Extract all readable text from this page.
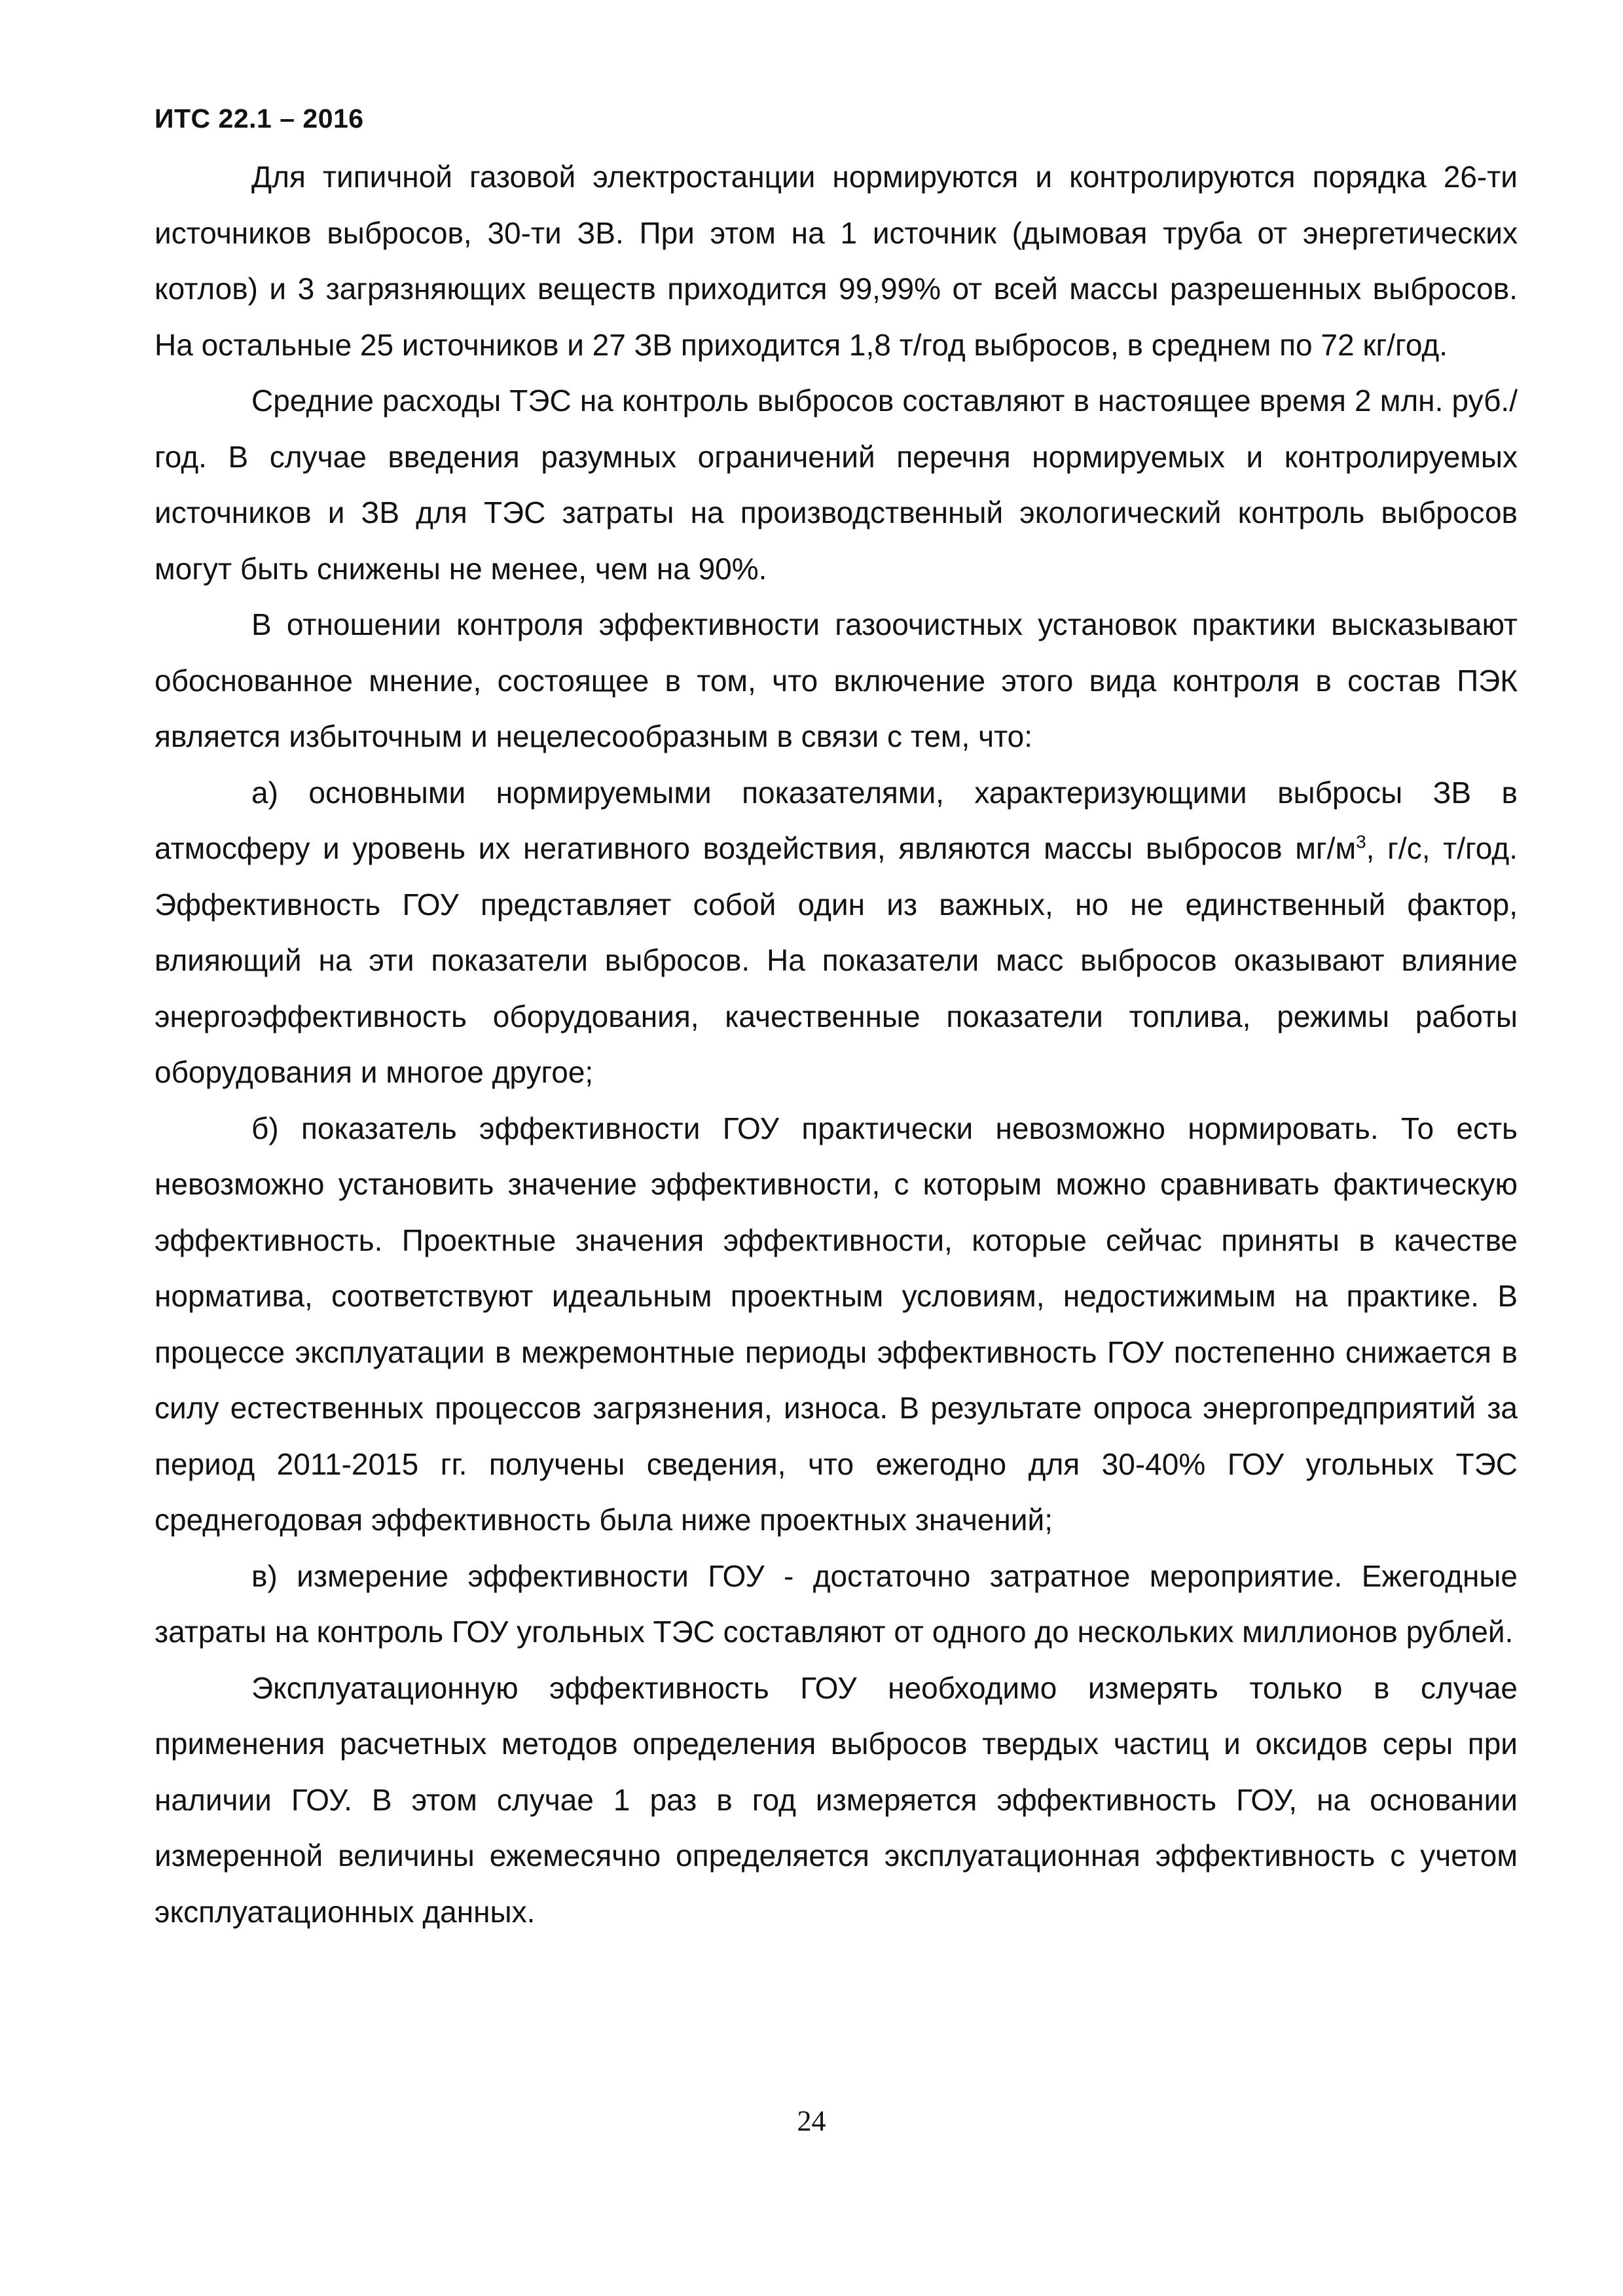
ИТС 22.1 – 2016

Для типичной газовой электростанции нормируются и контролируются порядка 26-ти источников выбросов, 30-ти ЗВ. При этом на 1 источник (дымовая труба от энергетических котлов) и 3 загрязняющих веществ приходится 99,99% от всей массы разрешенных выбросов. На остальные 25 источников и 27 ЗВ приходится 1,8 т/год выбросов, в среднем по 72 кг/год.

Средние расходы ТЭС на контроль выбросов составляют в настоящее время 2 млн. руб./год. В случае введения разумных ограничений перечня нормируемых и контролируемых источников и ЗВ для ТЭС затраты на производственный экологический контроль выбросов могут быть снижены не менее, чем на 90%.

В отношении контроля эффективности газоочистных установок практики высказывают обоснованное мнение, состоящее в том, что включение этого вида контроля в состав ПЭК является избыточным и нецелесообразным в связи с тем, что:

а) основными нормируемыми показателями, характеризующими выбросы ЗВ в атмосферу и уровень их негативного воздействия, являются массы выбросов $мг/м^3$, г/с, т/год. Эффективность ГОУ представляет собой один из важных, но не единственный фактор, влияющий на эти показатели выбросов. На показатели масс выбросов оказывают влияние энергоэффективность оборудования, качественные показатели топлива, режимы работы оборудования и многое другое;

б) показатель эффективности ГОУ практически невозможно нормировать. То есть невозможно установить значение эффективности, с которым можно сравнивать фактическую эффективность. Проектные значения эффективности, которые сейчас приняты в качестве норматива, соответствуют идеальным проектным условиям, недостижимым на практике. В процессе эксплуатации в межремонтные периоды эффективность ГОУ постепенно снижается в силу естественных процессов загрязнения, износа. В результате опроса энергопредприятий за период 2011-2015 гг. получены сведения, что ежегодно для 30-40% ГОУ угольных ТЭС среднегодовая эффективность была ниже проектных значений;

в) измерение эффективности ГОУ - достаточно затратное мероприятие. Ежегодные затраты на контроль ГОУ угольных ТЭС составляют от одного до нескольких миллионов рублей.

Эксплуатационную эффективность ГОУ необходимо измерять только в случае применения расчетных методов определения выбросов твердых частиц и оксидов серы при наличии ГОУ. В этом случае 1 раз в год измеряется эффективность ГОУ, на основании измеренной величины ежемесячно определяется эксплуатационная эффективность с учетом эксплуатационных данных.

24
